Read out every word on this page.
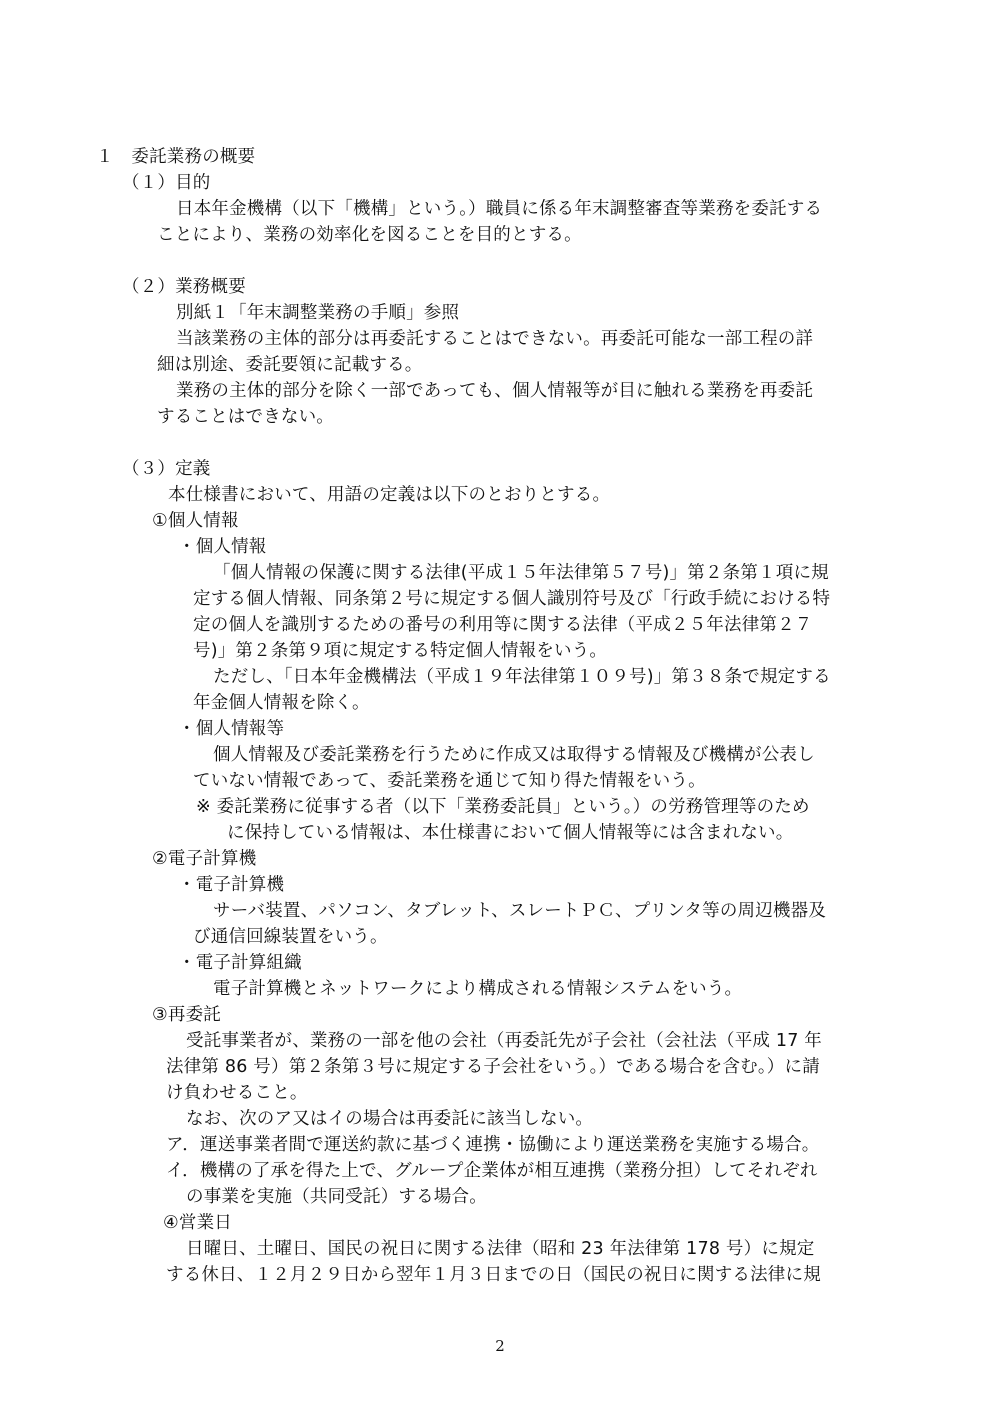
１　委託業務の概要
（１）目的
日本年金機構（以下「機構」という。）職員に係る年末調整審査等業務を委託する
ことにより、業務の効率化を図ることを目的とする。
（２）業務概要
別紙１「年末調整業務の手順」参照
当該業務の主体的部分は再委託することはできない。再委託可能な一部工程の詳
細は別途、委託要領に記載する。
業務の主体的部分を除く一部であっても、個人情報等が目に触れる業務を再委託
することはできない。
（３）定義
本仕様書において、用語の定義は以下のとおりとする。
①個人情報
・個人情報
「個人情報の保護に関する法律(平成１５年法律第５７号)」第２条第１項に規
定する個人情報、同条第２号に規定する個人識別符号及び「行政手続における特
定の個人を識別するための番号の利用等に関する法律（平成２５年法律第２７
号)」第２条第９項に規定する特定個人情報をいう。
ただし、「日本年金機構法（平成１９年法律第１０９号)」第３８条で規定する
年金個人情報を除く。
・個人情報等
個人情報及び委託業務を行うために作成又は取得する情報及び機構が公表し
ていない情報であって、委託業務を通じて知り得た情報をいう。
※ 委託業務に従事する者（以下「業務委託員」という。）の労務管理等のため
に保持している情報は、本仕様書において個人情報等には含まれない。
②電子計算機
・電子計算機
サーバ装置、パソコン、タブレット、スレートＰＣ、プリンタ等の周辺機器及
び通信回線装置をいう。
・電子計算組織
電子計算機とネットワークにより構成される情報システムをいう。
③再委託
受託事業者が、業務の一部を他の会社（再委託先が子会社（会社法（平成 17 年
法律第 86 号）第２条第３号に規定する子会社をいう。）である場合を含む。）に請
け負わせること。
なお、次のア又はイの場合は再委託に該当しない。
ア．運送事業者間で運送約款に基づく連携・協働により運送業務を実施する場合。
イ．機構の了承を得た上で、グループ企業体が相互連携（業務分担）してそれぞれ
の事業を実施（共同受託）する場合。
④営業日
日曜日、土曜日、国民の祝日に関する法律（昭和 23 年法律第 178 号）に規定
する休日、１２月２９日から翌年１月３日までの日（国民の祝日に関する法律に規
2
